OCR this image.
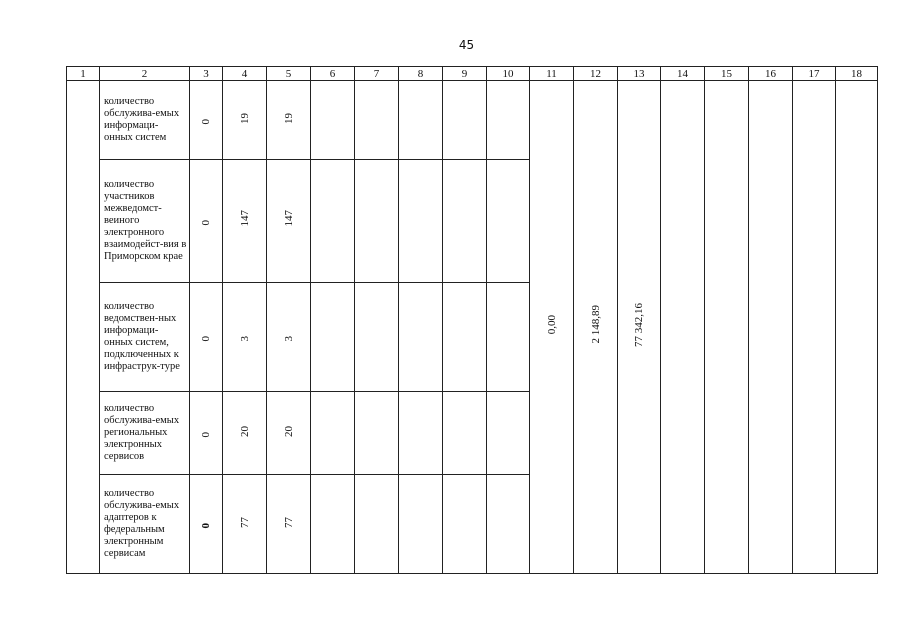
45
1	2	3	4	5	6	7	8	9	10	11	12	13	14	15	16	17	18
	количество обслужива-емых информаци-онных систем	0	19	19						0,00	2 148,89	77 342,16					
	количество участников межведомст-веиного электронного взаимодейст-вия в Приморском крае	0	147	147													
	количество ведомствен-ных информаци-онных систем, подключенных к инфраструк-туре	0	3	3													
	количество обслужива-емых региональных электронных сервисов	0	20	20													
	количество обслужива-емых адаптеров к федеральным электронным сервисам	0	77	77													
